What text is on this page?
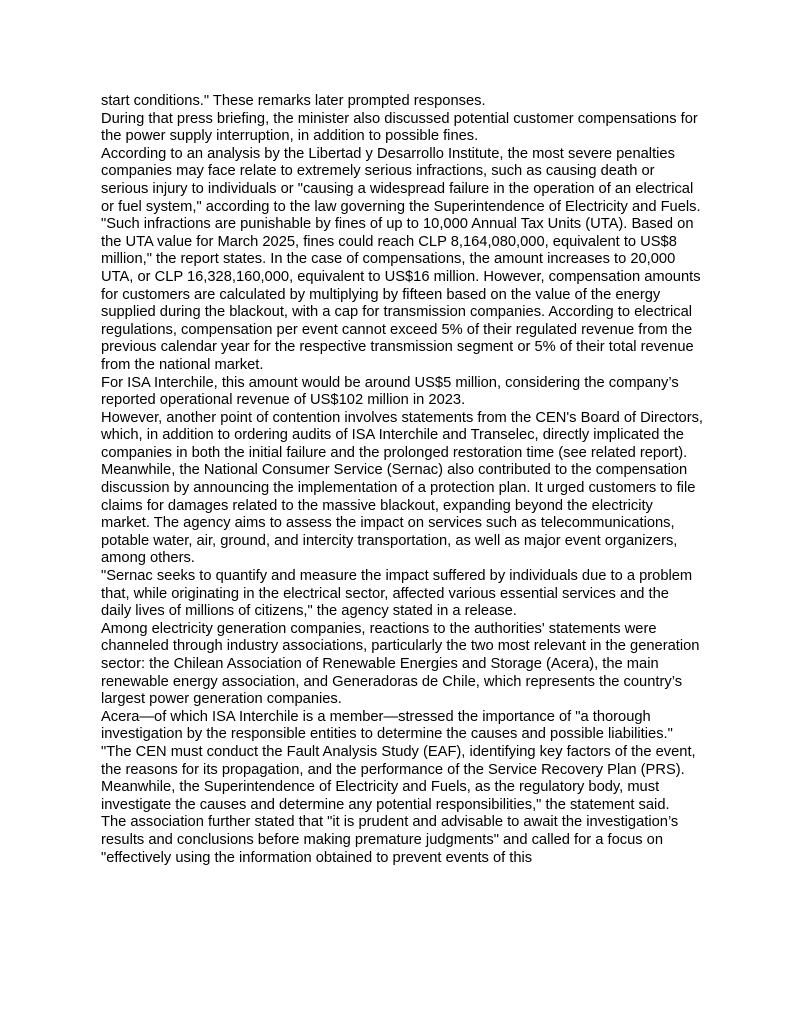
start conditions." These remarks later prompted responses.

During that press briefing, the minister also discussed potential customer compensations for the power supply interruption, in addition to possible fines.

According to an analysis by the Libertad y Desarrollo Institute, the most severe penalties companies may face relate to extremely serious infractions, such as causing death or serious injury to individuals or "causing a widespread failure in the operation of an electrical or fuel system," according to the law governing the Superintendence of Electricity and Fuels.

"Such infractions are punishable by fines of up to 10,000 Annual Tax Units (UTA). Based on the UTA value for March 2025, fines could reach CLP 8,164,080,000, equivalent to US$8 million," the report states. In the case of compensations, the amount increases to 20,000 UTA, or CLP 16,328,160,000, equivalent to US$16 million. However, compensation amounts for customers are calculated by multiplying by fifteen based on the value of the energy supplied during the blackout, with a cap for transmission companies. According to electrical regulations, compensation per event cannot exceed 5% of their regulated revenue from the previous calendar year for the respective transmission segment or 5% of their total revenue from the national market.

For ISA Interchile, this amount would be around US$5 million, considering the company’s reported operational revenue of US$102 million in 2023.

However, another point of contention involves statements from the CEN's Board of Directors, which, in addition to ordering audits of ISA Interchile and Transelec, directly implicated the companies in both the initial failure and the prolonged restoration time (see related report).

Meanwhile, the National Consumer Service (Sernac) also contributed to the compensation discussion by announcing the implementation of a protection plan. It urged customers to file claims for damages related to the massive blackout, expanding beyond the electricity market. The agency aims to assess the impact on services such as telecommunications, potable water, air, ground, and intercity transportation, as well as major event organizers, among others.

"Sernac seeks to quantify and measure the impact suffered by individuals due to a problem that, while originating in the electrical sector, affected various essential services and the daily lives of millions of citizens," the agency stated in a release.

Among electricity generation companies, reactions to the authorities' statements were channeled through industry associations, particularly the two most relevant in the generation sector: the Chilean Association of Renewable Energies and Storage (Acera), the main renewable energy association, and Generadoras de Chile, which represents the country’s largest power generation companies.

Acera—of which ISA Interchile is a member—stressed the importance of "a thorough investigation by the responsible entities to determine the causes and possible liabilities."

"The CEN must conduct the Fault Analysis Study (EAF), identifying key factors of the event, the reasons for its propagation, and the performance of the Service Recovery Plan (PRS). Meanwhile, the Superintendence of Electricity and Fuels, as the regulatory body, must investigate the causes and determine any potential responsibilities," the statement said.

The association further stated that "it is prudent and advisable to await the investigation’s results and conclusions before making premature judgments" and called for a focus on "effectively using the information obtained to prevent events of this
